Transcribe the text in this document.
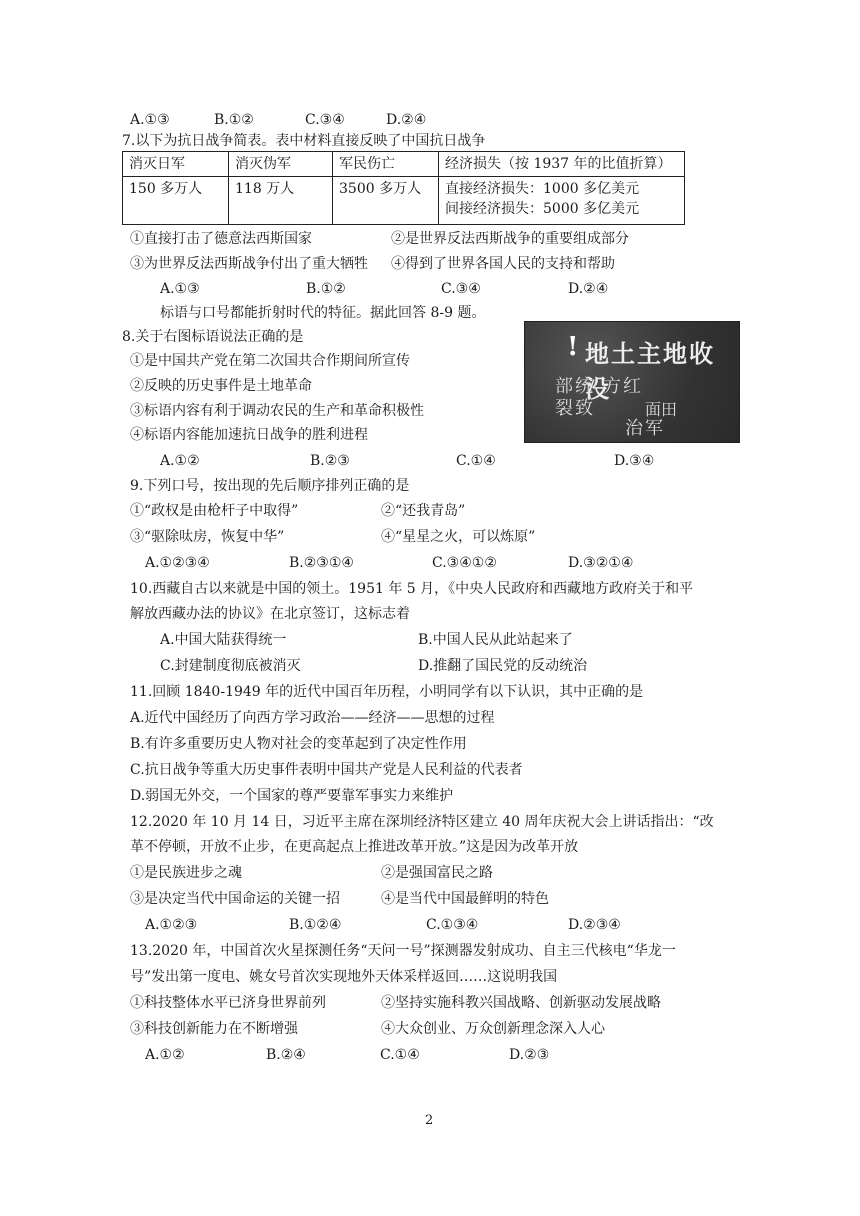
A.①③	B.①②	C.③④	D.②④
7.以下为抗日战争简表。表中材料直接反映了中国抗日战争
消灭日军	消灭伪军	军民伤亡	经济损失（按 1937 年的比值折算）
150 多万人	118 万人	3500 多万人	直接经济损失：1000 多亿美元
间接经济损失：5000 多亿美元
①直接打击了德意法西斯国家	②是世界反法西斯战争的重要组成部分
③为世界反法西斯战争付出了重大牺牲 ④得到了世界各国人民的支持和帮助
A.①③	B.①②	C.③④	D.②④
标语与口号都能折射时代的特征。据此回答 8-9 题。
8.关于右图标语说法正确的是
①是中国共产党在第二次国共合作期间所宣传
②反映的历史事件是土地革命
③标语内容有利于调动农民的生产和革命积极性
④标语内容能加速抗日战争的胜利进程
! 地土主地收没
部统
裂致
方红
面田
治军
A.①②	B.②③	C.①④	D.③④
9.下列口号，按出现的先后顺序排列正确的是
①“政权是由枪杆子中取得”	②“还我青岛”
③“驱除呔房，恢复中华”	④“星星之火，可以炼原”
A.①②③④	B.②③①④	C.③④①②	D.③②①④
10.西藏自古以来就是中国的领土。1951 年 5 月，《中央人民政府和西藏地方政府关于和平
解放西藏办法的协议》在北京签订，这标志着
A.中国大陆获得统一	B.中国人民从此站起来了
C.封建制度彻底被消灭	D.推翻了国民党的反动统治
11.回顾 1840-1949 年的近代中国百年历程，小明同学有以下认识，其中正确的是
A.近代中国经历了向西方学习政治——经济——思想的过程
B.有许多重要历史人物对社会的变革起到了决定性作用
C.抗日战争等重大历史事件表明中国共产党是人民利益的代表者
D.弱国无外交，一个国家的尊严要靠军事实力来维护
12.2020 年 10 月 14 日，习近平主席在深圳经济特区建立 40 周年庆祝大会上讲话指出：“改
革不停顿，开放不止步，在更高起点上推进改革开放。”这是因为改革开放
①是民族进步之魂	②是强国富民之路
③是决定当代中国命运的关键一招	④是当代中国最鲜明的特色
A.①②③	B.①②④	C.①③④	D.②③④
13.2020 年，中国首次火星探测任务“天问一号”探测器发射成功、自主三代核电“华龙一
号”发出第一度电、姚女号首次实现地外天体采样返回……这说明我国
①科技整体水平已济身世界前列	②坚持实施科教兴国战略、创新驱动发展战略
③科技创新能力在不断增强	④大众创业、万众创新理念深入人心
A.①②	B.②④	C.①④	D.②③
2
